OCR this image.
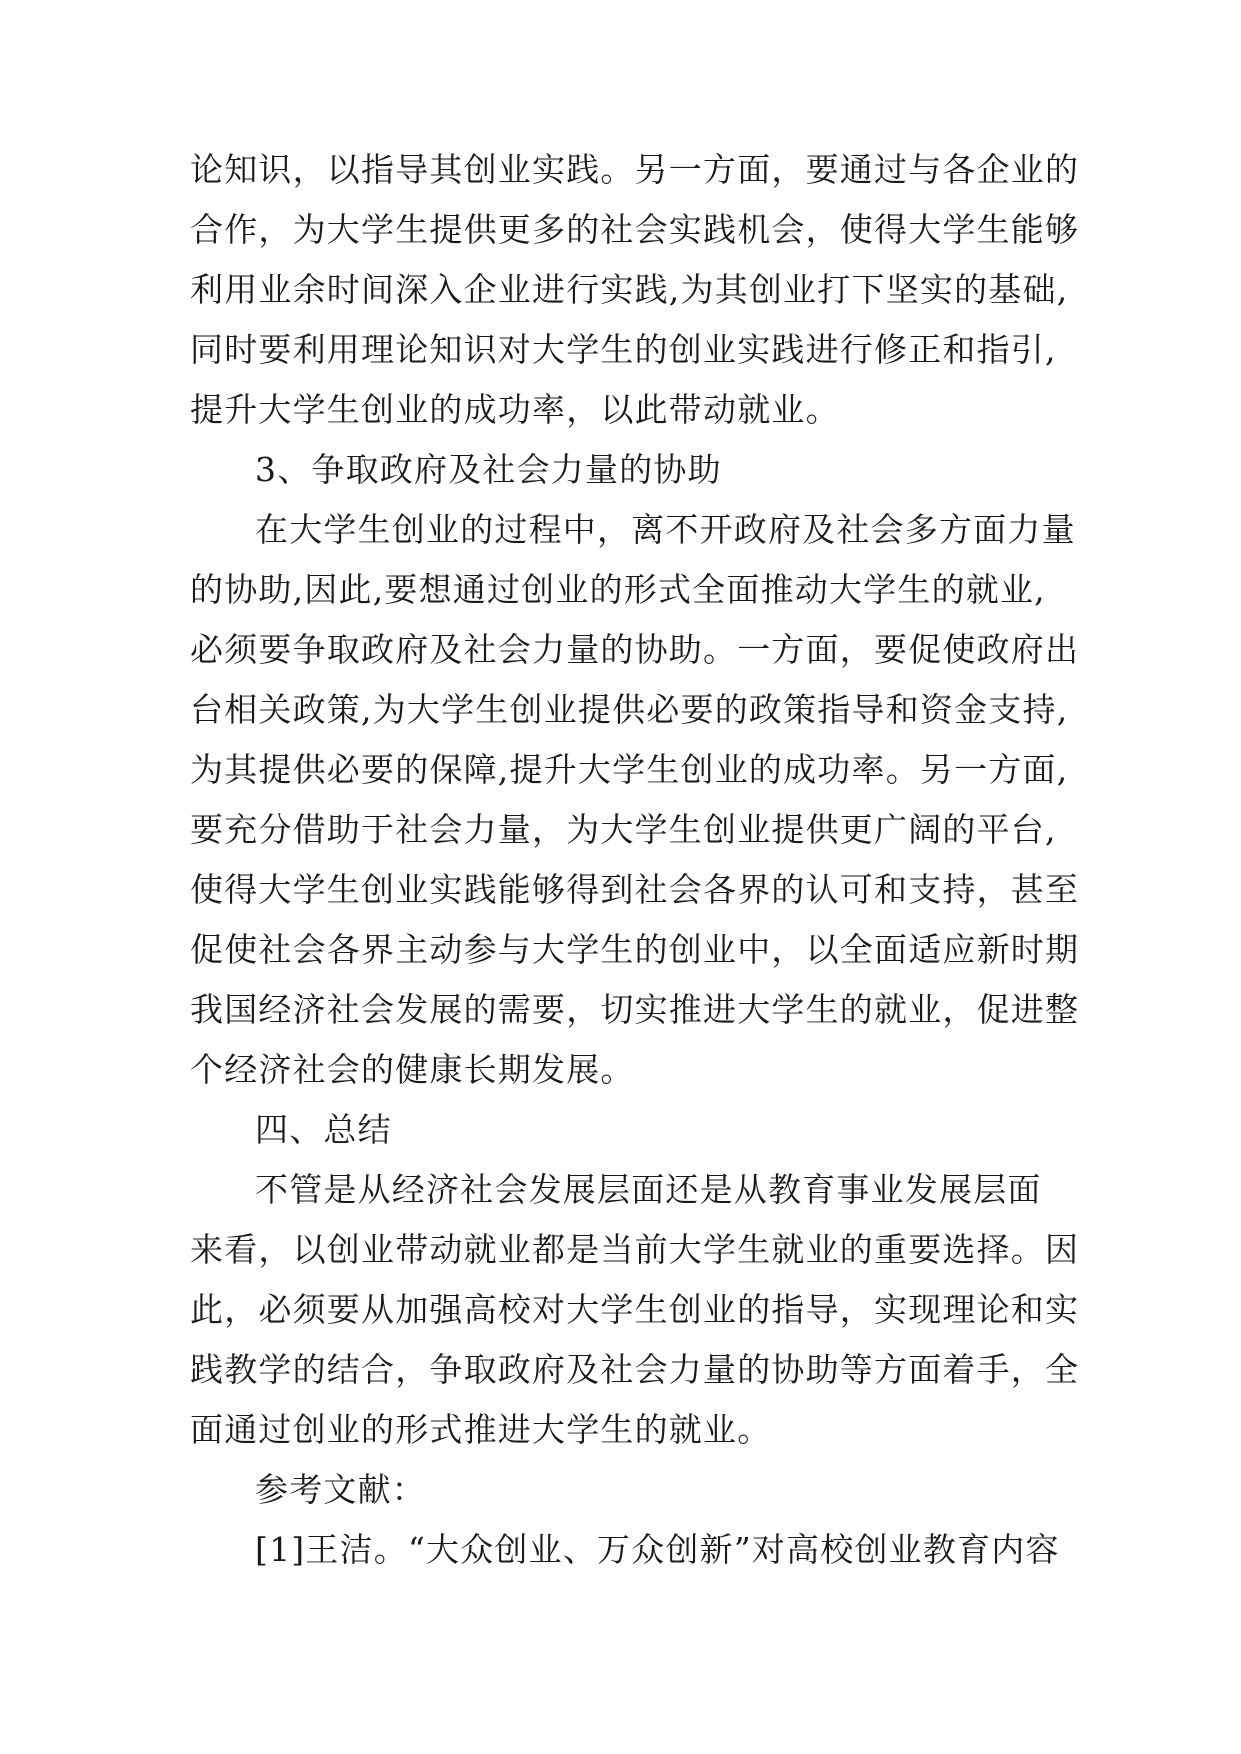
论知识，以指导其创业实践。另一方面，要通过与各企业的
合作，为大学生提供更多的社会实践机会，使得大学生能够
利用业余时间深入企业进行实践,为其创业打下坚实的基础,
同时要利用理论知识对大学生的创业实践进行修正和指引,
提升大学生创业的成功率，以此带动就业。
3、争取政府及社会力量的协助
在大学生创业的过程中，离不开政府及社会多方面力量
的协助,因此,要想通过创业的形式全面推动大学生的就业,
必须要争取政府及社会力量的协助。一方面，要促使政府出
台相关政策,为大学生创业提供必要的政策指导和资金支持,
为其提供必要的保障,提升大学生创业的成功率。另一方面,
要充分借助于社会力量，为大学生创业提供更广阔的平台,
使得大学生创业实践能够得到社会各界的认可和支持，甚至
促使社会各界主动参与大学生的创业中，以全面适应新时期
我国经济社会发展的需要，切实推进大学生的就业，促进整
个经济社会的健康长期发展。
四、总结
不管是从经济社会发展层面还是从教育事业发展层面
来看，以创业带动就业都是当前大学生就业的重要选择。因
此，必须要从加强高校对大学生创业的指导，实现理论和实
践教学的结合，争取政府及社会力量的协助等方面着手，全
面通过创业的形式推进大学生的就业。
参考文献：
[1]王洁。“大众创业、万众创新”对高校创业教育内容
